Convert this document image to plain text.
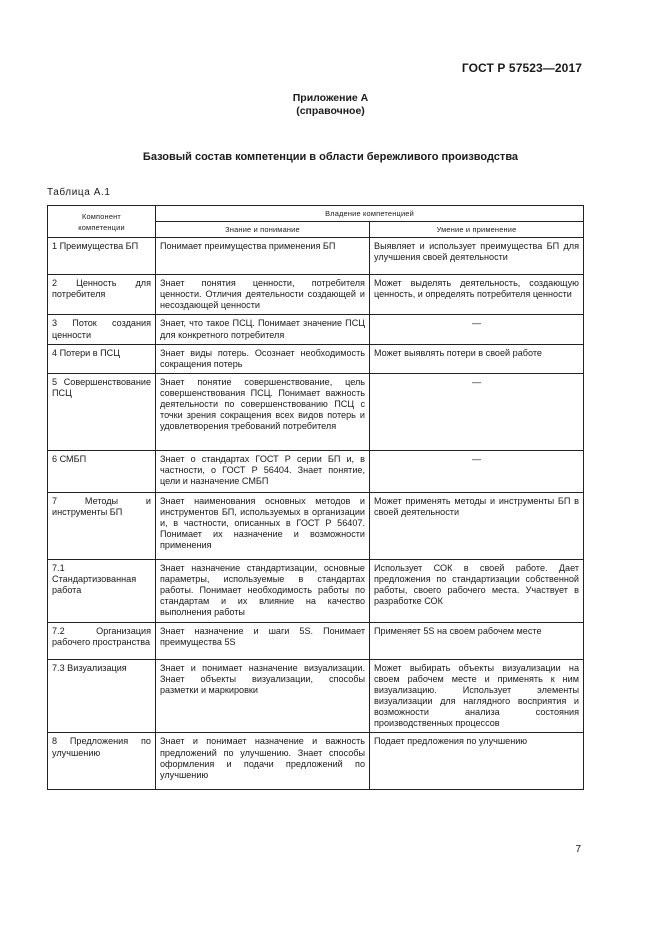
ГОСТ Р 57523—2017
Приложение А
(справочное)
Базовый состав компетенции в области бережливого производства
Таблица А.1
Компонент компетенции	Владение компетенцией	
	Знание и понимание	Умение и применение
1 Преимущества БП	Понимает преимущества применения БП	Выявляет и использует преимущества БП для улучшения своей деятельности
2 Ценность для потребителя	Знает понятия ценности, потребителя ценности. Отличия деятельности создающей и несоздающей ценности	Может выделять деятельность, создающую ценность, и определять потребителя ценности
3 Поток создания ценности	Знает, что такое ПСЦ. Понимает значение ПСЦ для конкретного потребителя	—
4 Потери в ПСЦ	Знает виды потерь. Осознает необходимость сокращения потерь	Может выявлять потери в своей работе
5 Совершенствование ПСЦ	Знает понятие совершенствование, цель совершенствования ПСЦ. Понимает важность деятельности по совершенствованию ПСЦ с точки зрения сокращения всех видов потерь и удовлетворения требований потребителя	—
6 СМБП	Знает о стандартах ГОСТ Р серии БП и, в частности, о ГОСТ Р 56404. Знает понятие, цели и назначение СМБП	—
7 Методы и инструменты БП	Знает наименования основных методов и инструментов БП, используемых в организации и, в частности, описанных в ГОСТ Р 56407. Понимает их назначение и возможности применения	Может применять методы и инструменты БП в своей деятельности
7.1 Стандартизованная работа	Знает назначение стандартизации, основные параметры, используемые в стандартах работы. Понимает необходимость работы по стандартам и их влияние на качество выполнения работы	Использует СОК в своей работе. Дает предложения по стандартизации собственной работы, своего рабочего места. Участвует в разработке СОК
7.2 Организация рабочего пространства	Знает назначение и шаги 5S. Понимает преимущества 5S	Применяет 5S на своем рабочем месте
7.3 Визуализация	Знает и понимает назначение визуализации. Знает объекты визуализации, способы разметки и маркировки	Может выбирать объекты визуализации на своем рабочем месте и применять к ним визуализацию. Использует элементы визуализации для наглядного восприятия и возможности анализа состояния производственных процессов
8 Предложения по улучшению	Знает и понимает назначение и важность предложений по улучшению. Знает способы оформления и подачи предложений по улучшению	Подает предложения по улучшению
7
